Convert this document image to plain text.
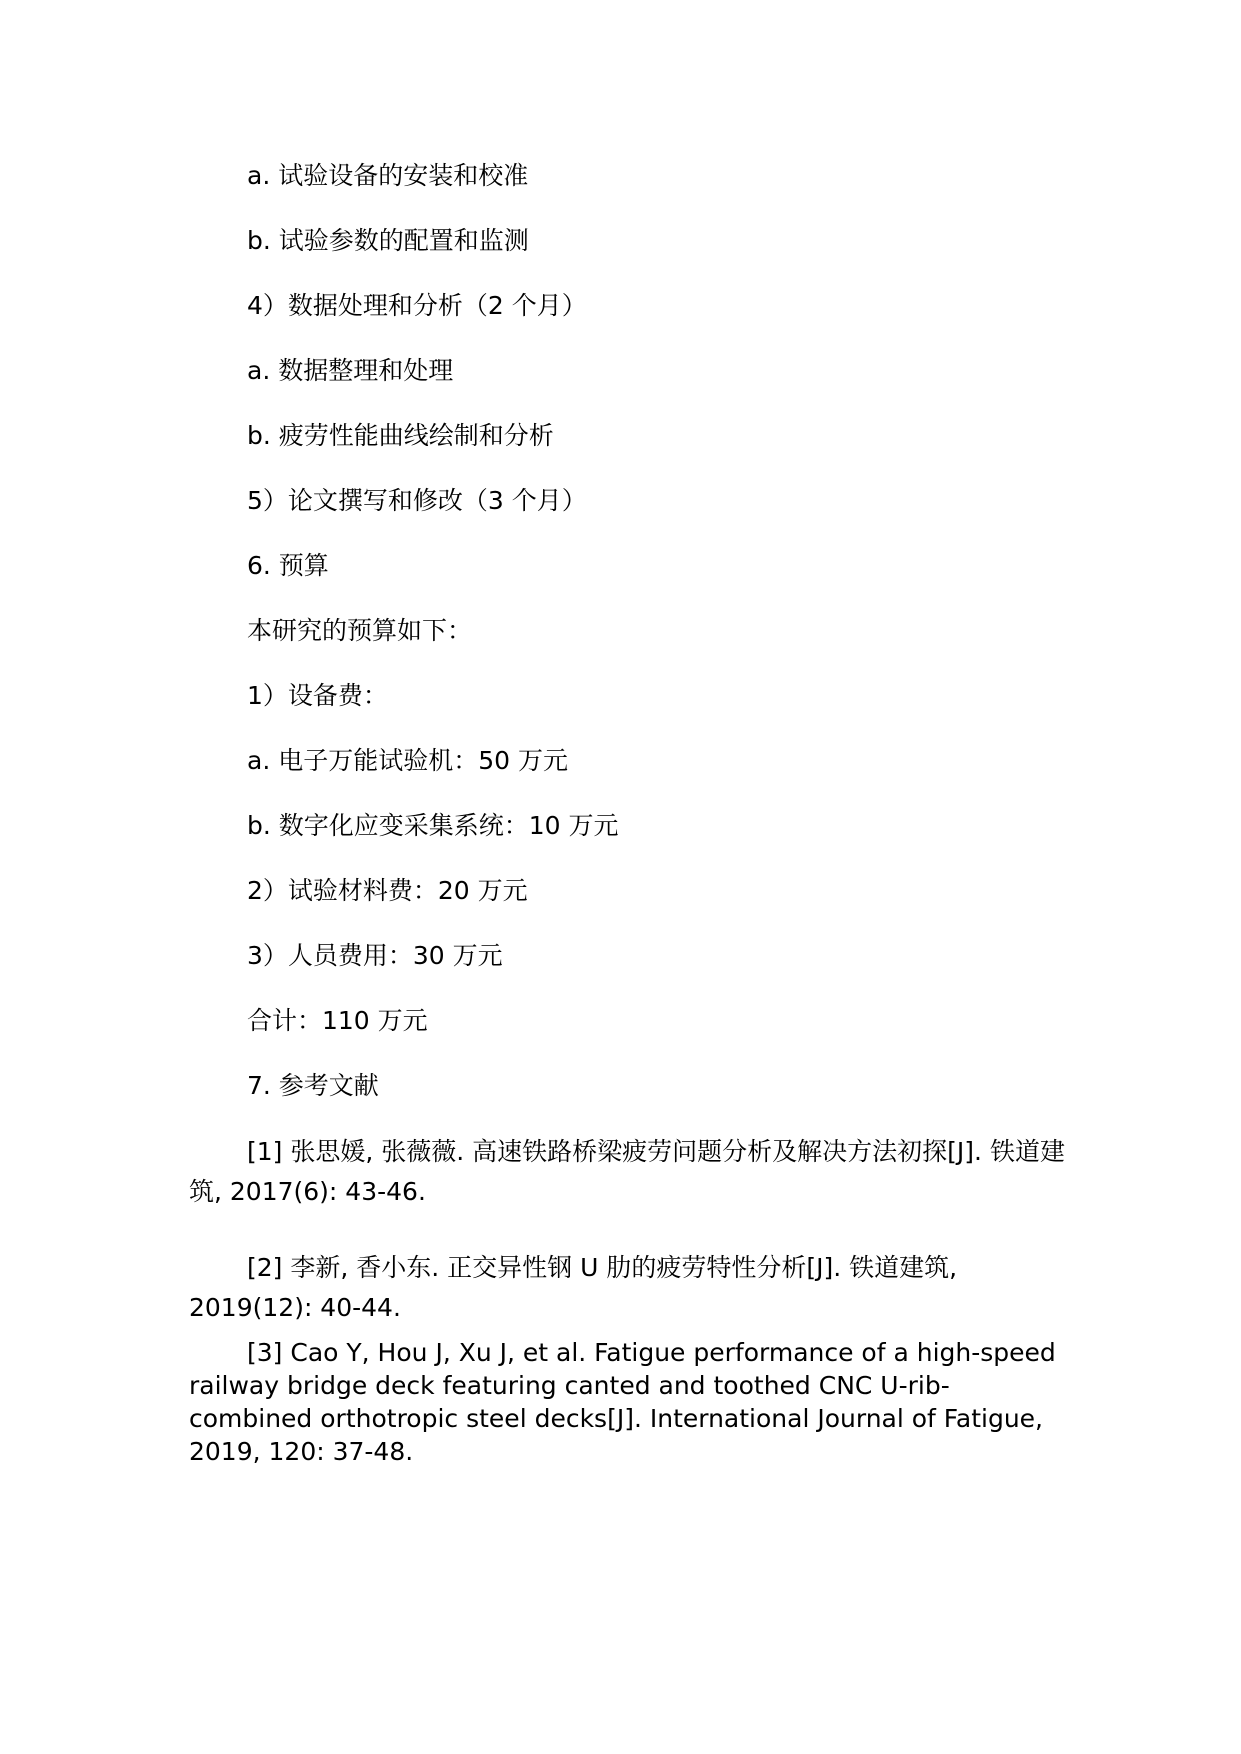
a. 试验设备的安装和校准

b. 试验参数的配置和监测

4）数据处理和分析（2 个月）

a. 数据整理和处理

b. 疲劳性能曲线绘制和分析

5）论文撰写和修改（3 个月）

6. 预算

本研究的预算如下：

1）设备费：

a. 电子万能试验机：50 万元

b. 数字化应变采集系统：10 万元

2）试验材料费：20 万元

3）人员费用：30 万元

合计：110 万元

7. 参考文献

[1] 张思媛, 张薇薇. 高速铁路桥梁疲劳问题分析及解决方法初探[J]. 铁道建筑, 2017(6): 43-46.

[2] 李新, 香小东. 正交异性钢 U 肋的疲劳特性分析[J]. 铁道建筑, 2019(12): 40-44.

[3] Cao Y, Hou J, Xu J, et al. Fatigue performance of a high-speed railway bridge deck featuring canted and toothed CNC U-rib-combined orthotropic steel decks[J]. International Journal of Fatigue, 2019, 120: 37-48.
